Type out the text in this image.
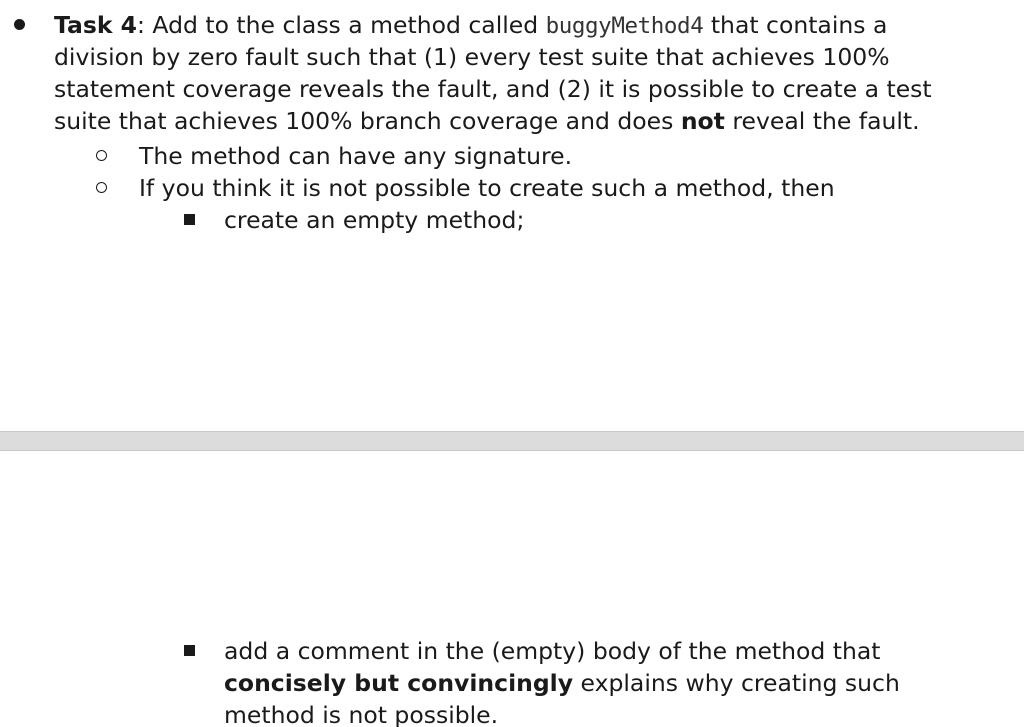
Task 4: Add to the class a method called buggyMethod4 that contains a
division by zero fault such that (1) every test suite that achieves 100%
statement coverage reveals the fault, and (2) it is possible to create a test
suite that achieves 100% branch coverage and does not reveal the fault.
The method can have any signature.
If you think it is not possible to create such a method, then
create an empty method;
add a comment in the (empty) body of the method that
concisely but convincingly explains why creating such
method is not possible.
